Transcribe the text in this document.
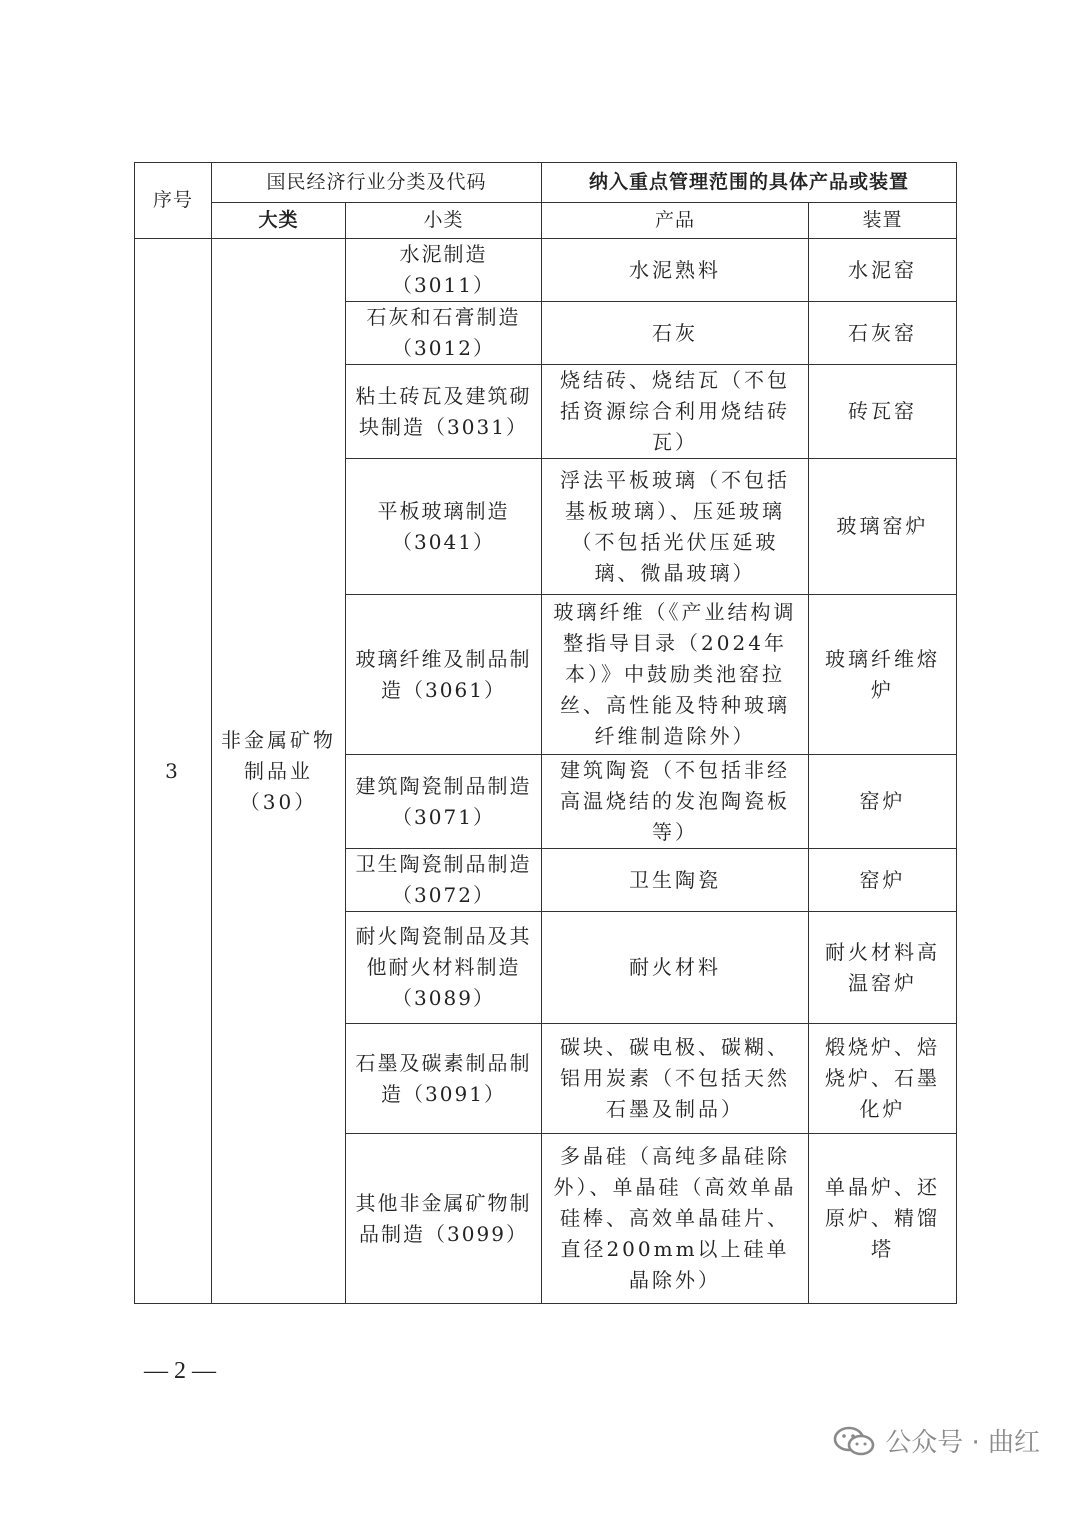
序号	国民经济行业分类及代码		纳入重点管理范围的具体产品或装置	
	大类	小类	产品	装置
3	非金属矿物制品业（30）	水泥制造（3011）	水泥熟料	水泥窑
		石灰和石膏制造（3012）	石灰	石灰窑
		粘土砖瓦及建筑砌块制造（3031）	烧结砖、烧结瓦（不包括资源综合利用烧结砖瓦）	砖瓦窑
		平板玻璃制造（3041）	浮法平板玻璃（不包括基板玻璃）、压延玻璃（不包括光伏压延玻璃、微晶玻璃）	玻璃窑炉
		玻璃纤维及制品制造（3061）	玻璃纤维（《产业结构调整指导目录（2024年本）》中鼓励类池窑拉丝、高性能及特种玻璃纤维制造除外）	玻璃纤维熔炉
		建筑陶瓷制品制造（3071）	建筑陶瓷（不包括非经高温烧结的发泡陶瓷板等）	窑炉
		卫生陶瓷制品制造（3072）	卫生陶瓷	窑炉
		耐火陶瓷制品及其他耐火材料制造（3089）	耐火材料	耐火材料高温窑炉
		石墨及碳素制品制造（3091）	碳块、碳电极、碳糊、铝用炭素（不包括天然石墨及制品）	煅烧炉、焙烧炉、石墨化炉
		其他非金属矿物制品制造（3099）	多晶硅（高纯多晶硅除外）、单晶硅（高效单晶硅棒、高效单晶硅片、直径200mm以上硅单晶除外）	单晶炉、还原炉、精馏塔
— 2 —
公众号 · 曲红
